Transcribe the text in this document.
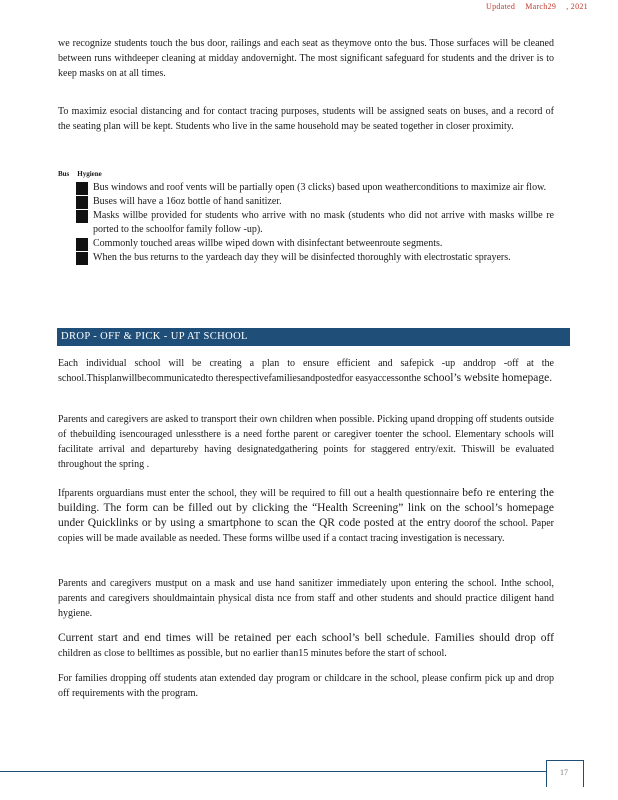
Updated March29 , 2021

we recognize students touch the bus door, railings and each seat as theymove onto the bus. Those surfaces will be cleaned between runs withdeeper cleaning at midday andovernight. The most significant safeguard for students and the driver is to keep masks on at all times.

To maximiz esocial distancing and for contact tracing purposes, students will be assigned seats on buses, and a record of the seating plan will be kept. Students who live in the same household may be seated together in closer proximity.

Bus Hygiene
Bus windows and roof vents will be partially open (3 clicks) based upon weatherconditions to maximize air flow.
Buses will have a 16oz bottle of hand sanitizer.
Masks willbe provided for students who arrive with no mask (students who did not arrive with masks willbe re ported to the schoolfor family follow -up).
Commonly touched areas willbe wiped down with disinfectant betweenroute segments.
When the bus returns to the yardeach day they will be disinfected thoroughly with electrostatic sprayers.
DROP - OFF & PICK - UP AT SCHOOL

Each individual school will be creating a plan to ensure efficient and safepick -up anddrop -off at the school.Thisplanwillbecommunicatedto therespectivefamiliesandpostedfor easyaccessonthe school’s website homepage.

Parents and caregivers are asked to transport their own children when possible. Picking upand dropping off students outside of thebuilding isencouraged unlessthere is a need forthe parent or caregiver toenter the school. Elementary schools will facilitate arrival and departureby having designatedgathering points for staggered entry/exit. Thiswill be evaluated throughout the spring .

Ifparents orguardians must enter the school, they will be required to fill out a health questionnaire befo re entering the building. The form can be filled out by clicking the “Health Screening” link on the school’s homepage under Quicklinks or by using a smartphone to scan the QR code posted at the entry doorof the school. Paper copies will be made available as needed. These forms willbe used if a contact tracing investigation is necessary.

Parents and caregivers mustput on a mask and use hand sanitizer immediately upon entering the school. Inthe school, parents and caregivers shouldmaintain physical dista nce from staff and other students and should practice diligent hand hygiene.

Current start and end times will be retained per each school’s bell schedule. Families should drop off children as close to belltimes as possible, but no earlier than15 minutes before the start of school.

For families dropping off students atan extended day program or childcare in the school, please confirm pick up and drop off requirements with the program.

17
